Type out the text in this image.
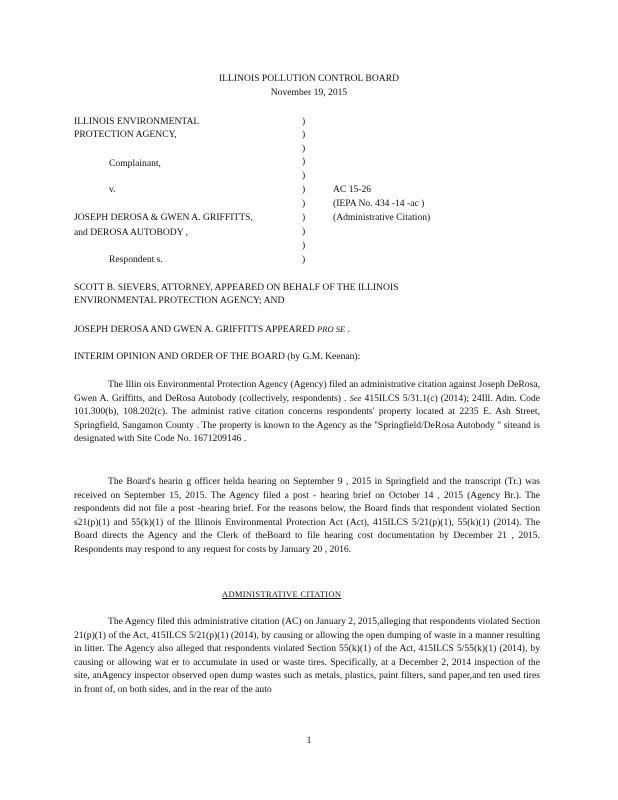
ILLINOIS POLLUTION CONTROL BOARD
November 19, 2015
ILLINOIS ENVIRONMENTAL
PROTECTION AGENCY,
Complainant,
v.
JOSEPH DEROSA & GWEN A. GRIFFITTS,
and DEROSA AUTOBODY ,
Respondent s.
)
)
)
)
)
)
)
)
)
)
)
AC 15-26
(IEPA No. 434 -14 -ac )
(Administrative Citation)
SCOTT B. SIEVERS, ATTORNEY, APPEARED ON BEHALF OF THE ILLINOIS
ENVIRONMENTAL PROTECTION AGENCY; AND
JOSEPH DEROSA AND GWEN A. GRIFFITTS APPEARED PRO SE .
INTERIM OPINION AND ORDER OF THE BOARD (by G.M. Keenan):
The Illin ois Environmental Protection Agency (Agency) filed an administrative citation against Joseph DeRosa, Gwen A. Griffitts, and DeRosa Autobody (collectively, respondents) . See 415ILCS 5/31.1(c) (2014); 24Ill. Adm. Code 101.300(b), 108.202(c). The administ rative citation concerns respondents' property located at 2235 E. Ash Street, Springfield, Sangamon County . The property is known to the Agency as the ''Springfield/DeRosa Autobody '' siteand is designated with Site Code No. 1671209146 .
The Board's hearin g officer helda hearing on September 9 , 2015 in Springfield and the transcript (Tr.) was received on September 15, 2015. The Agency filed a post - hearing brief on October 14 , 2015 (Agency Br.). The respondents did not file a post -hearing brief. For the reasons below, the Board finds that respondent violated Section s21(p)(1) and 55(k)(1) of the Illinois Environmental Protection Act (Act), 415ILCS 5/21(p)(1), 55(k)(1) (2014). The Board directs the Agency and the Clerk of theBoard to file hearing cost documentation by December 21 , 2015. Respondents may respond to any request for costs by January 20 , 2016.
ADMINISTRATIVE CITATION
The Agency filed this administrative citation (AC) on January 2, 2015,alleging that respondents violated Section 21(p)(1) of the Act, 415ILCS 5/21(p)(1) (2014), by causing or allowing the open dumping of waste in a manner resulting in litter. The Agency also alleged that respondents violated Section 55(k)(1) of the Act, 415ILCS 5/55(k)(1) (2014), by causing or allowing wat er to accumulate in used or waste tires. Specifically, at a December 2, 2014 inspection of the site, anAgency inspector observed open dump wastes such as metals, plastics, paint filters, sand paper,and ten used tires in front of, on both sides, and in the rear of the auto
1
